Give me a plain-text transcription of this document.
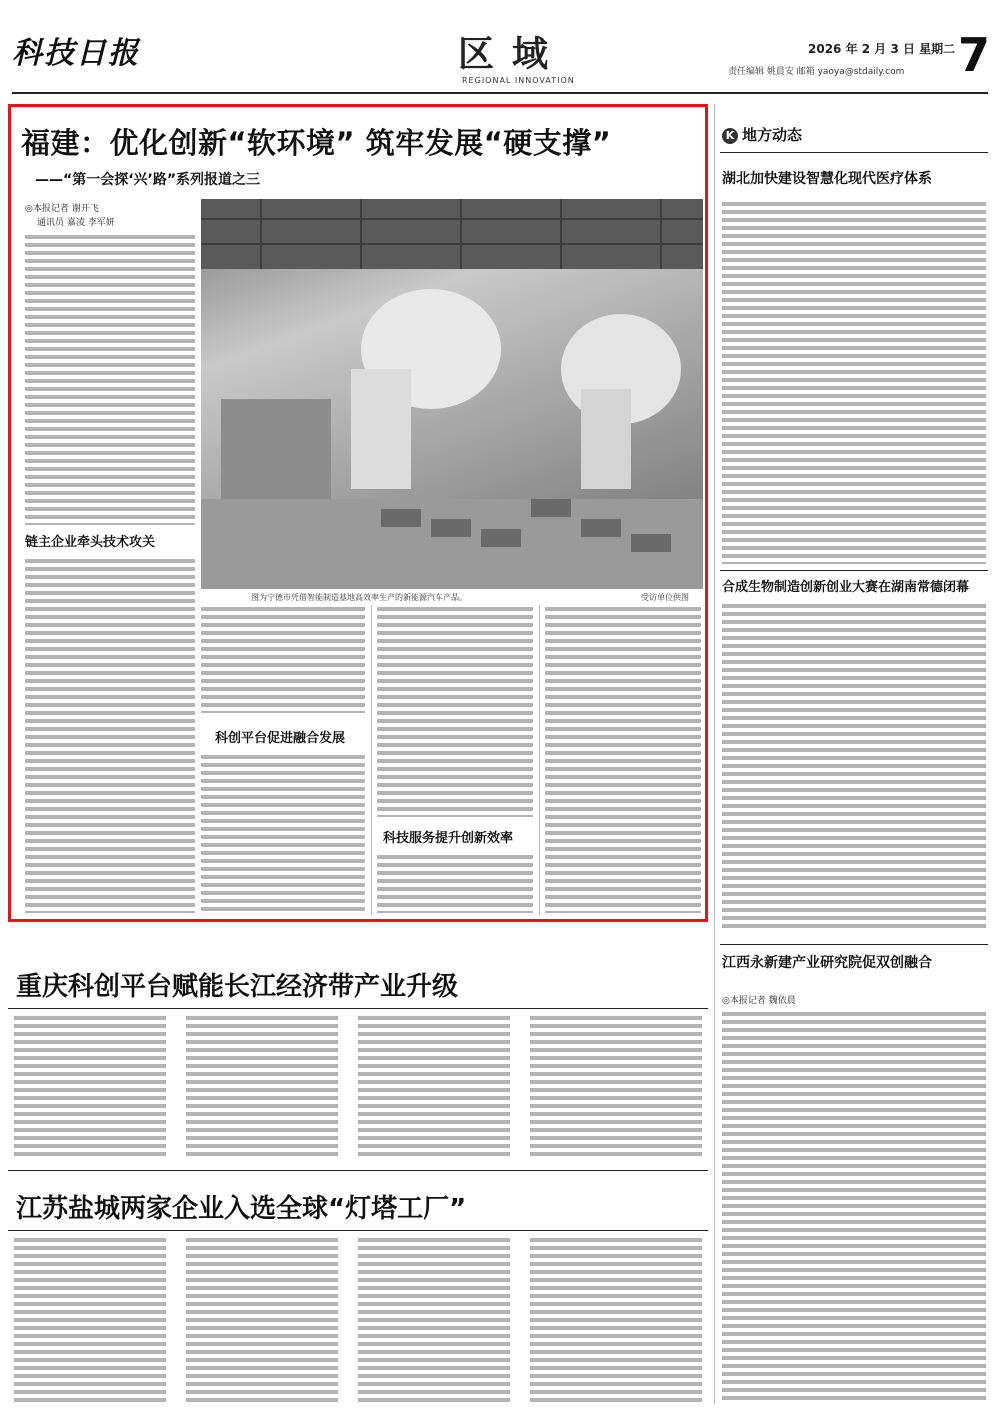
科技日报	区域
REGIONAL INNOVATION
2026 年 2 月 3 日 星期二
责任编辑 姚晨安 邮箱 yaoya@stdaily.com 7
福建：优化创新“软环境” 筑牢发展“硬支撑”
——“第一会探‘兴’路”系列报道之三
◎本报记者 谢开飞
通讯员 嘉凌 李军妍
链主企业牵头技术攻关
图为宁德市凭借智能制造基地高效率生产的新能源汽车产品。	受访单位供图
科创平台促进融合发展
科技服务提升创新效率
K 地方动态
湖北加快建设智慧化现代医疗体系
合成生物制造创新创业大赛在湖南常德闭幕
江西永新建产业研究院促双创融合
◎本报记者 魏依晨
重庆科创平台赋能长江经济带产业升级
江苏盐城两家企业入选全球“灯塔工厂”
